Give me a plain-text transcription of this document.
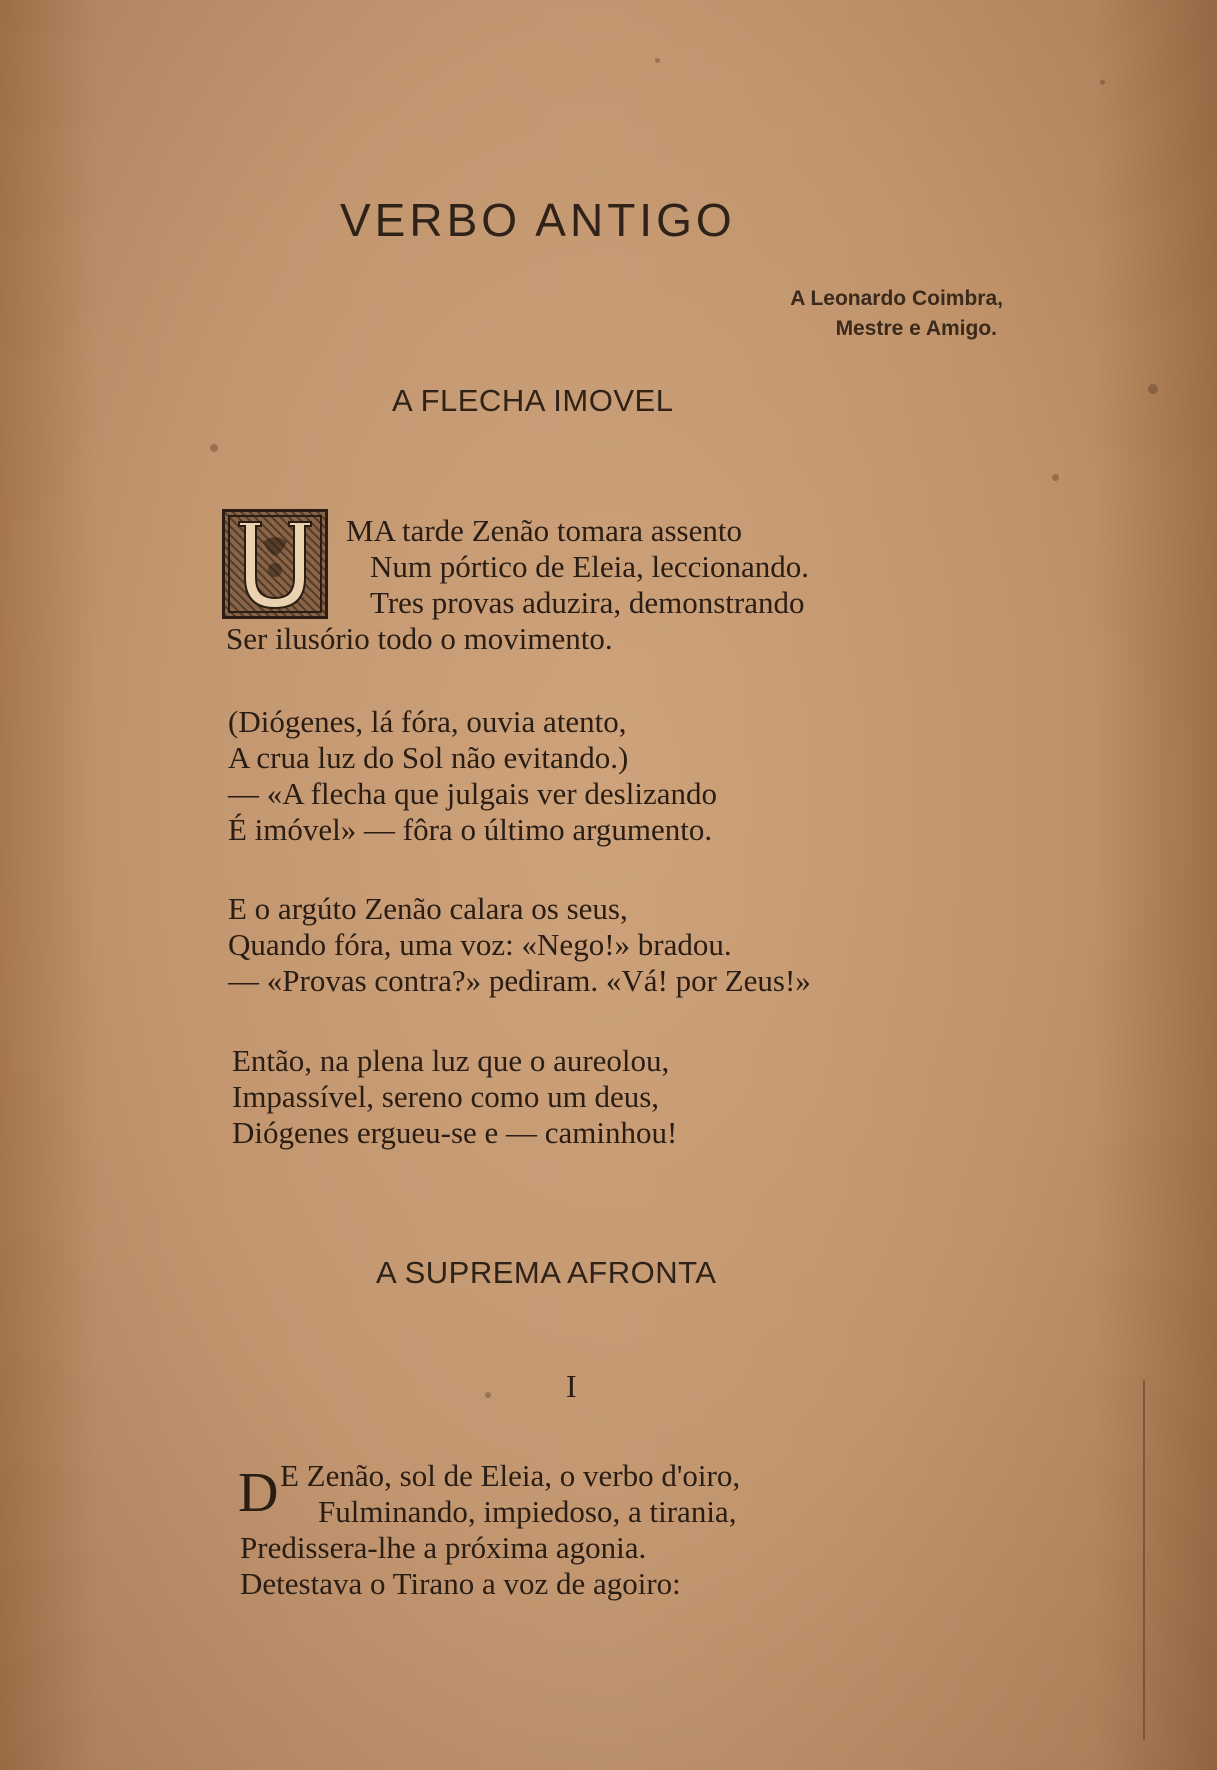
VERBO ANTIGO
A Leonardo Coimbra,
Mestre e Amigo.
A FLECHA IMOVEL
MA tarde Zenão tomara assento
Num pórtico de Eleia, leccionando.
Tres provas aduzira, demonstrando
Ser ilusório todo o movimento.
(Diógenes, lá fóra, ouvia atento,
A crua luz do Sol não evitando.)
— «A flecha que julgais ver deslizando
É imóvel» — fôra o último argumento.
E o argúto Zenão calara os seus,
Quando fóra, uma voz: «Nego!» bradou.
— «Provas contra?» pediram. «Vá! por Zeus!»
Então, na plena luz que o aureolou,
Impassível, sereno como um deus,
Diógenes ergueu-se e — caminhou!
A SUPREMA AFRONTA
I
D E Zenão, sol de Eleia, o verbo d'oiro,
Fulminando, impiedoso, a tirania,
Predissera-lhe a próxima agonia.
Detestava o Tirano a voz de agoiro:
